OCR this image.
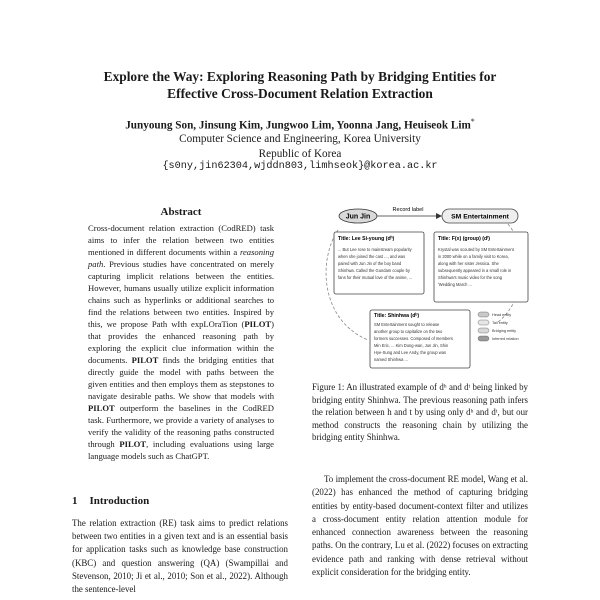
Explore the Way: Exploring Reasoning Path by Bridging Entities for
Effective Cross-Document Relation Extraction
Junyoung Son, Jinsung Kim, Jungwoo Lim, Yoonna Jang, Heuiseok Lim*
Computer Science and Engineering, Korea University
Republic of Korea
{s0ny,jin62304,wjddn803,limhseok}@korea.ac.kr
Abstract
Cross-document relation extraction (CodRED) task aims to infer the relation between two entities mentioned in different documents within a reasoning path. Previous studies have concentrated on merely capturing implicit relations between the entities. However, humans usually utilize explicit information chains such as hyperlinks or additional searches to find the relations between two entities. Inspired by this, we propose Path wIth expLOraTion (PILOT) that provides the enhanced reasoning path by exploring the explicit clue information within the documents. PILOT finds the bridging entities that directly guide the model with paths between the given entities and then employs them as stepstones to navigate desirable paths. We show that models with PILOT outperform the baselines in the CodRED task. Furthermore, we provide a variety of analyses to verify the validity of the reasoning paths constructed through PILOT, including evaluations using large language models such as ChatGPT.
1 Introduction
The relation extraction (RE) task aims to predict relations between two entities in a given text and is an essential basis for application tasks such as knowledge base construction (KBC) and question answering (QA) (Swampillai and Stevenson, 2010; Ji et al., 2010; Son et al., 2022). Although the sentence-level
Jun Jin
Record label
SM Entertainment
Title: Lee Si-young (dʰ)
... But Lee rose to mainstream popularity
when she joined the cast ..., and was
paired with Jun Jin of the boy band
Shinhwa. Called the Gundam couple by
fans for their mutual love of the anime, ...
Title: F(x) (group) (dᵗ)
Krystal was scouted by SM Entertainment
in 2000 while on a family visit to Korea,
along with her sister Jessica. She
subsequently appeared in a small role in
Shinhwa's music video for the song
'Wedding March ...
Title: Shinhwa (dᵇ)
SM Entertainment sought to release
another group to capitalize on the two
formers successes. Composed of members
Min Eric, ... Kim Dong-wan, Jun Jin, Shin
Hye-Sung and Lee Andy, the group was
named Shinhwa ...
Head entity
Tail entity
Bridging entity
Inferred relation
Figure 1: An illustrated example of dʰ and dᵗ being linked by bridging entity Shinhwa. The previous reasoning path infers the relation between h and t by using only dʰ and dᵗ, but our method constructs the reasoning chain by utilizing the bridging entity Shinhwa.
To implement the cross-document RE model, Wang et al. (2022) has enhanced the method of capturing bridging entities by entity-based document-context filter and utilizes a cross-document entity relation attention module for enhanced connection awareness between the reasoning paths. On the contrary, Lu et al. (2022) focuses on extracting evidence path and ranking with dense retrieval without explicit consideration for the bridging entity.
